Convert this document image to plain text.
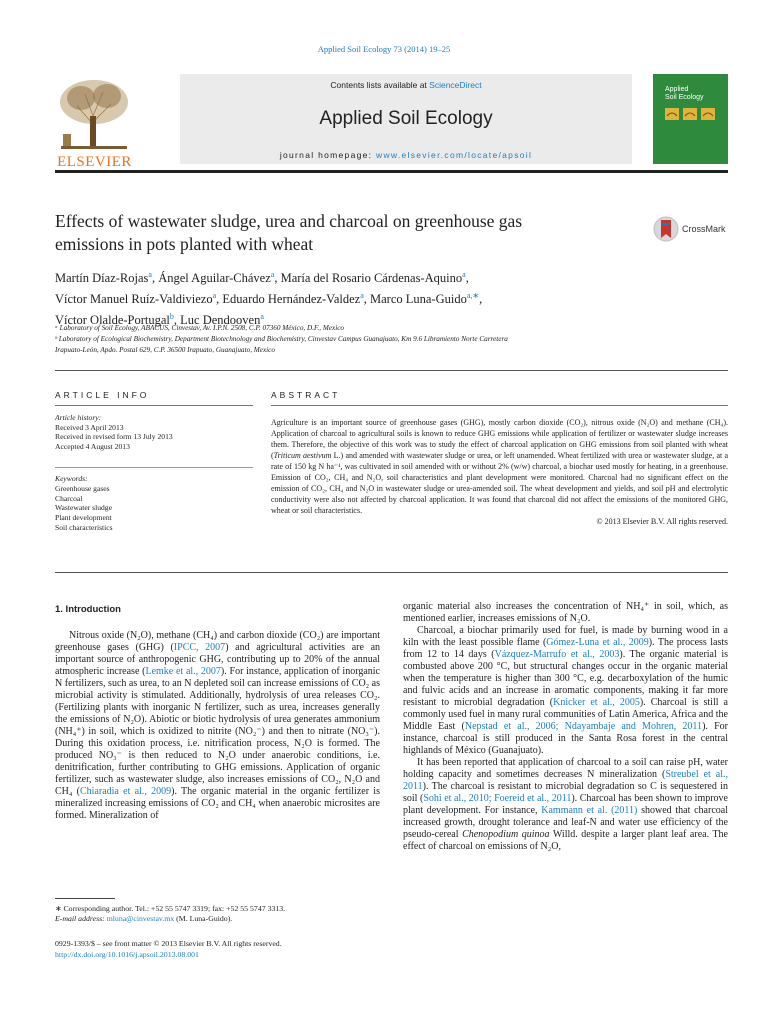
Applied Soil Ecology 73 (2014) 19–25
ELSEVIER
Contents lists available at ScienceDirect
Applied Soil Ecology
journal homepage: www.elsevier.com/locate/apsoil
Applied
Soil Ecology
Effects of wastewater sludge, urea and charcoal on greenhouse gas
emissions in pots planted with wheat
CrossMark
Martín Díaz-Rojas$^a$, Ángel Aguilar-Chávez$^a$, María del Rosario Cárdenas-Aquino$^a$,
Víctor Manuel Ruíz-Valdiviezo$^a$, Eduardo Hernández-Valdez$^a$, Marco Luna-Guido$^{a,∗}$,
Víctor Olalde-Portugal$^b$, Luc Dendooven$^a$
ᵃ Laboratory of Soil Ecology, ABACUS, Cinvestav, Av. I.P.N. 2508, C.P. 07360 México, D.F., Mexico
ᵇ Laboratory of Ecological Biochemistry, Department Biotechnology and Biochemistry, Cinvestav Campus Guanajuato, Km 9.6 Libramiento Norte Carretera
Irapuato-León, Apdo. Postal 629, C.P. 36500 Irapuato, Guanajuato, Mexico
ARTICLE INFO	ABSTRACT
Article history:
Received 3 April 2013
Received in revised form 13 July 2013
Accepted 4 August 2013
Keywords:
Greenhouse gases
Charcoal
Wastewater sludge
Plant development
Soil characteristics
Agriculture is an important source of greenhouse gases (GHG), mostly carbon dioxide (CO₂), nitrous oxide (N₂O) and methane (CH₄). Application of charcoal to agricultural soils is known to reduce GHG emissions while application of fertilizer or wastewater sludge increases them. Therefore, the objective of this work was to study the effect of charcoal application on GHG emissions from soil planted with wheat (Triticum aestivum L.) and amended with wastewater sludge or urea, or left unamended. Wheat fertilized with urea or wastewater sludge, at a rate of 150 kg N ha⁻¹, was cultivated in soil amended with or without 2% (w/w) charcoal, a biochar used mostly for heating, in a greenhouse. Emission of CO₂, CH₄ and N₂O, soil characteristics and plant development were monitored. Charcoal had no significant effect on the emission of CO₂, CH₄ and N₂O in wastewater sludge or urea-amended soil. The wheat development and yields, and soil pH and electrolytic conductivity were also not affected by charcoal application. It was found that charcoal did not affect the emissions of the monitored GHG, wheat or soil characteristics.
© 2013 Elsevier B.V. All rights reserved.
1. Introduction

Nitrous oxide (N₂O), methane (CH₄) and carbon dioxide (CO₂) are important greenhouse gases (GHG) (IPCC, 2007) and agricultural activities are an important source of anthropogenic GHG, contributing up to 20% of the annual atmospheric increase (Lemke et al., 2007). For instance, application of inorganic N fertilizers, such as urea, to an N depleted soil can increase emissions of CO₂ as microbial activity is stimulated. Additionally, hydrolysis of urea releases CO₂. (Fertilizing plants with inorganic N fertilizer, such as urea, increases generally the emissions of N₂O). Abiotic or biotic hydrolysis of urea generates ammonium (NH₄⁺) in soil, which is oxidized to nitrite (NO₂⁻) and then to nitrate (NO₃⁻). During this oxidation process, i.e. nitrification process, N₂O is formed. The produced NO₃⁻ is then reduced to N₂O under anaerobic conditions, i.e. denitrification, further contributing to GHG emissions. Application of organic fertilizer, such as wastewater sludge, also increases emissions of CO₂, N₂O and CH₄ (Chiaradia et al., 2009). The organic material in the organic fertilizer is mineralized increasing emissions of CO₂ and CH₄ when anaerobic microsites are formed. Mineralization of

organic material also increases the concentration of NH₄⁺ in soil, which, as mentioned earlier, increases emissions of N₂O.

Charcoal, a biochar primarily used for fuel, is made by burning wood in a kiln with the least possible flame (Gómez-Luna et al., 2009). The process lasts from 12 to 14 days (Vázquez-Marrufo et al., 2003). The organic material is combusted above 200 °C, but structural changes occur in the organic material when the temperature is higher than 300 °C, e.g. decarboxylation of the humic and fulvic acids and an increase in aromatic components, making it far more resistant to microbial degradation (Knicker et al., 2005). Charcoal is still a commonly used fuel in many rural communities of Latin America, Africa and the Middle East (Nepstad et al., 2006; Ndayambaje and Mohren, 2011). For instance, charcoal is still produced in the Santa Rosa forest in the central highlands of México (Guanajuato).

It has been reported that application of charcoal to a soil can raise pH, water holding capacity and sometimes decreases N mineralization (Streubel et al., 2011). The charcoal is resistant to microbial degradation so C is sequestered in soil (Sohi et al., 2010; Foereid et al., 2011). Charcoal has been shown to improve plant development. For instance, Kammann et al. (2011) showed that charcoal increased growth, drought tolerance and leaf-N and water use efficiency of the pseudo-cereal Chenopodium quinoa Willd. despite a larger plant leaf area. The effect of charcoal on emissions of N₂O,

∗ Corresponding author. Tel.: +52 55 5747 3319; fax: +52 55 5747 3313.
E-mail address: mluna@cinvestav.mx (M. Luna-Guido).
0929-1393/$ – see front matter © 2013 Elsevier B.V. All rights reserved.
http://dx.doi.org/10.1016/j.apsoil.2013.08.001
